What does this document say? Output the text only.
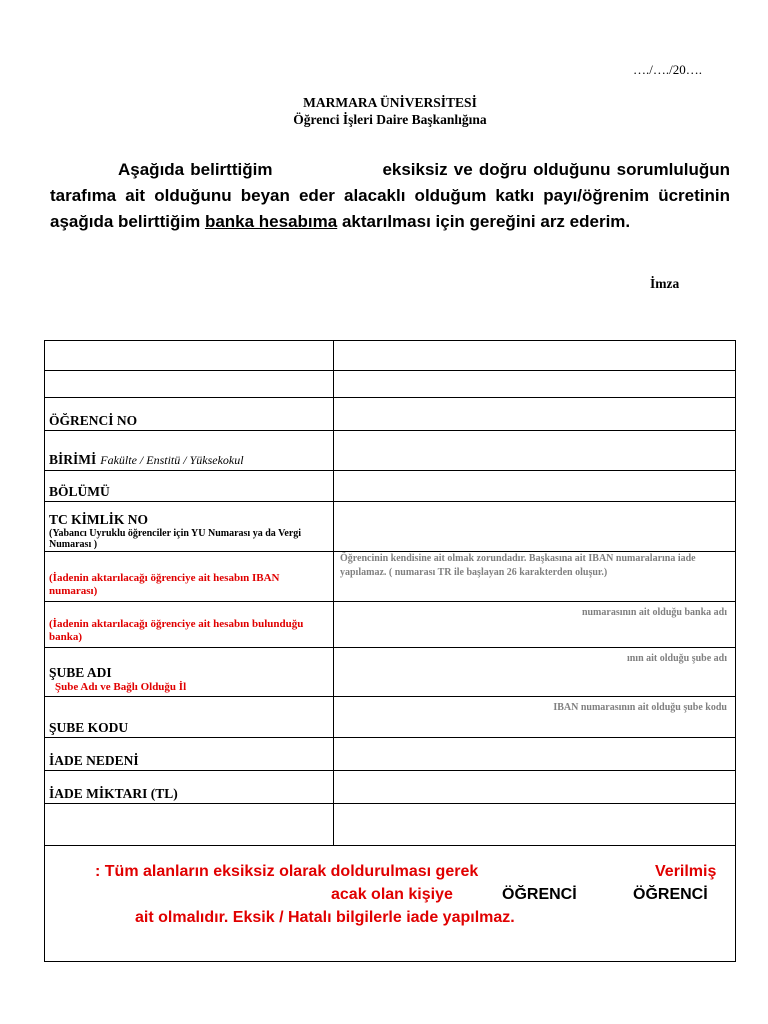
…./…./20….
MARMARA ÜNİVERSİTESİ
Öğrenci İşleri Daire Başkanlığına
Aşağıda belirttiğim	eksiksiz ve doğru olduğunu sorumluluğun tarafıma ait olduğunu beyan eder alacaklı olduğum katkı payı/öğrenim ücretinin aşağıda belirttiğim banka hesabıma aktarılması için gereğini arz ederim.
İmza

ÖĞRENCİ NO	

BİRİMİ Fakülte / Enstitü / Yüksekokul	

BÖLÜMÜ	

TC KİMLİK NO
(Yabancı Uyruklu öğrenciler için YU Numarası ya da Vergi Numarası )	

(İadenin aktarılacağı öğrenciye ait hesabın IBAN numarası)	Öğrencinin kendisine ait olmak zorundadır. Başkasına ait IBAN numaralarına iade yapılamaz. ( numarası TR ile başlayan 26 karakterden oluşur.)

(İadenin aktarılacağı öğrenciye ait hesabın bulunduğu banka)	numarasının ait olduğu banka adı

ŞUBE ADI
Şube Adı ve Bağlı Olduğu İl	ının ait olduğu şube adı

ŞUBE KODU	IBAN numarasının ait olduğu şube kodu

İADE NEDENİ	

İADE MİKTARI (TL)	

: Tüm alanların eksiksiz olarak doldurulması gerek	Verilmiş
acak olan kişiye	ÖĞRENCİ	ÖĞRENCİ
ait olmalıdır. Eksik / Hatalı bilgilerle iade yapılmaz.
